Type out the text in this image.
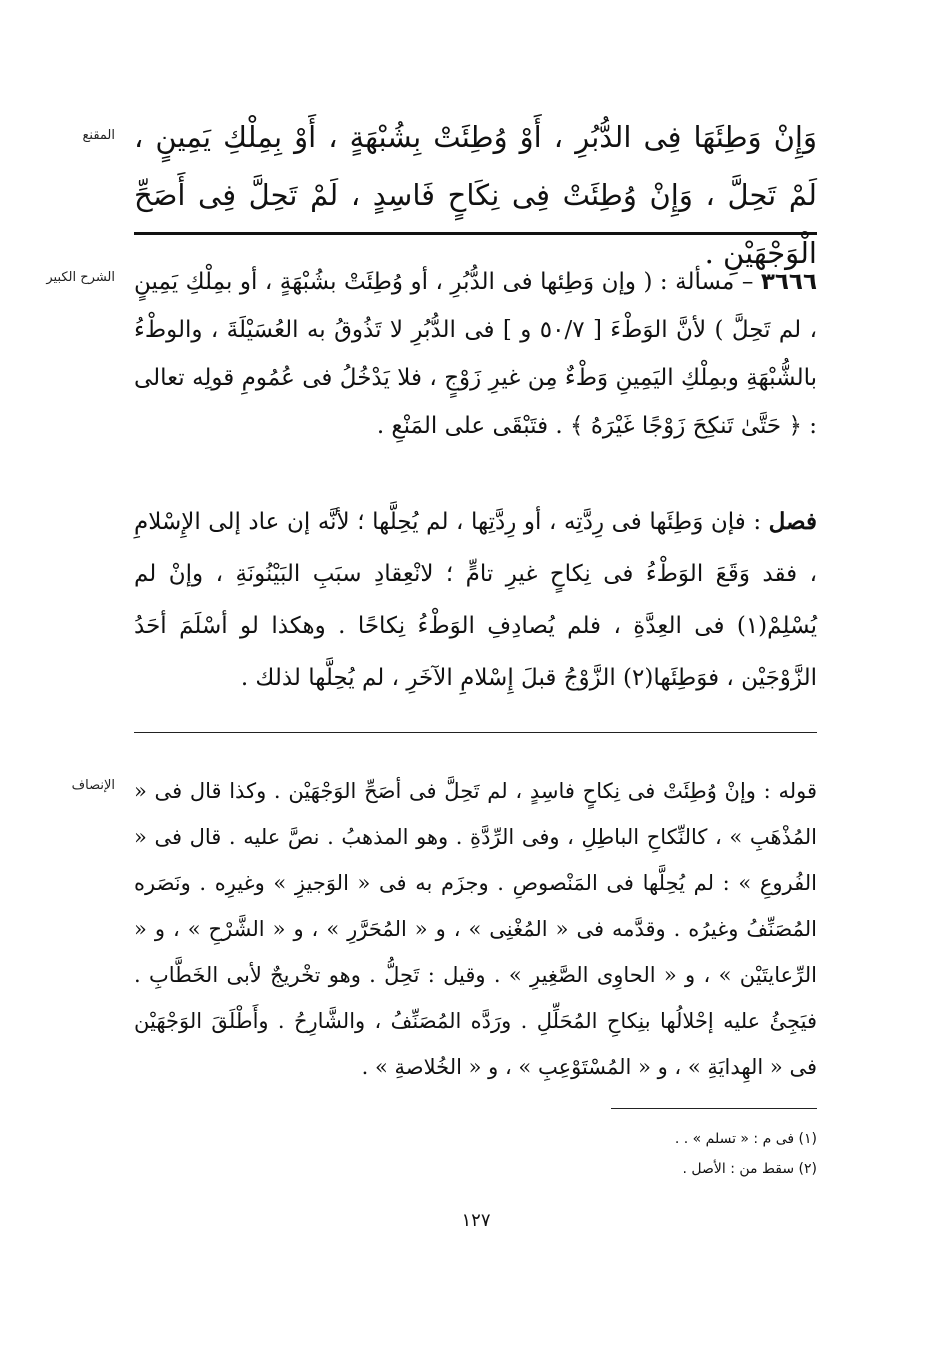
المقنع وَإِنْ وَطِئَهَا فِى الدُّبُرِ ، أَوْ وُطِئَتْ بِشُبْهَةٍ ، أَوْ بِمِلْكِ يَمِينٍ ، لَمْ تَحِلَّ ، وَإِنْ وُطِئَتْ فِى نِكَاحٍ فَاسِدٍ ، لَمْ تَحِلَّ فِى أَصَحِّ الْوَجْهَيْنِ .
الشرح الكبير	٣٦٦٦ – مسألة : ( وإن وَطِئها فى الدُّبُرِ ، أو وُطِئَتْ بشُبْهَةٍ ، أو بمِلْكِ يَمِينٍ ، لم تَحِلَّ ) لأنَّ الوَطْءَ [ ٥٠/٧ و ] فى الدُّبُرِ لا تَذُوقُ به العُسَيْلَةَ ، والوطْءُ بالشُّبْهَةِ وبمِلْكِ اليَمِينِ وَطْءٌ مِن غيرِ زَوْجٍ ، فلا يَدْخُلُ فى عُمُومِ قولِه تعالى : ﴿ حَتَّىٰ تَنكِحَ زَوْجًا غَيْرَهُ ﴾ . فتَبْقَى على المَنْعِ .
فصل : فإن وَطِئَها فى رِدَّتِه ، أو رِدَّتِها ، لم يُحِلَّها ؛ لأنَّه إن عاد إلى الإِسْلامِ ، فقد وَقَعَ الوَطْءُ فى نِكاحٍ غيرِ تامٍّ ؛ لانْعِقادِ سبَبِ البَيْنُونَةِ ، وإنْ لم يُسْلِمْ(١) فى العِدَّةِ ، فلم يُصادِفِ الوَطْءُ نِكاحًا . وهكذا لو أسْلَمَ أحَدُ الزَّوْجَيْن ، فوَطِئَها(٢) الزَّوْجُ قبلَ إِسْلامِ الآخَرِ ، لم يُحِلَّها لذلك .
الإنصاف قوله : وإنْ وُطِئَتْ فى نِكاحٍ فاسِدٍ ، لم تَحِلَّ فى أصَحِّ الوَجْهَيْن . وكذا قال فى « المُذْهَبِ » ، كالنِّكاحِ الباطِلِ ، وفى الرِّدَّةِ . وهو المذهبُ . نصَّ عليه . قال فى « الفُروعِ » : لم يُحِلَّها فى المَنْصوصِ . وجزَم به فى « الوَجيزِ » وغيرِه . ونَصَره المُصَنِّفُ وغيرُه . وقدَّمه فى « المُغْنِى » ، و « المُحَرَّرِ » ، و « الشَّرْحِ » ، و « الرِّعايتَيْن » ، و « الحاوِى الصَّغِيرِ » . وقيل : تَحِلُّ . وهو تخْريجٌ لأبى الخَطَّابِ . فيَجِئُ عليه إحْلالُها بنِكاحِ المُحَلِّلِ . ورَدَّه المُصَنِّفُ ، والشَّارِحُ . وأَطْلَقَ الوَجْهَيْن فى « الهِدايَةِ » ، و « المُسْتَوْعِبِ » ، و « الخُلاصةِ » .
(١) فى م : « تسلم » . .
(٢) سقط من : الأصل .
١٢٧
